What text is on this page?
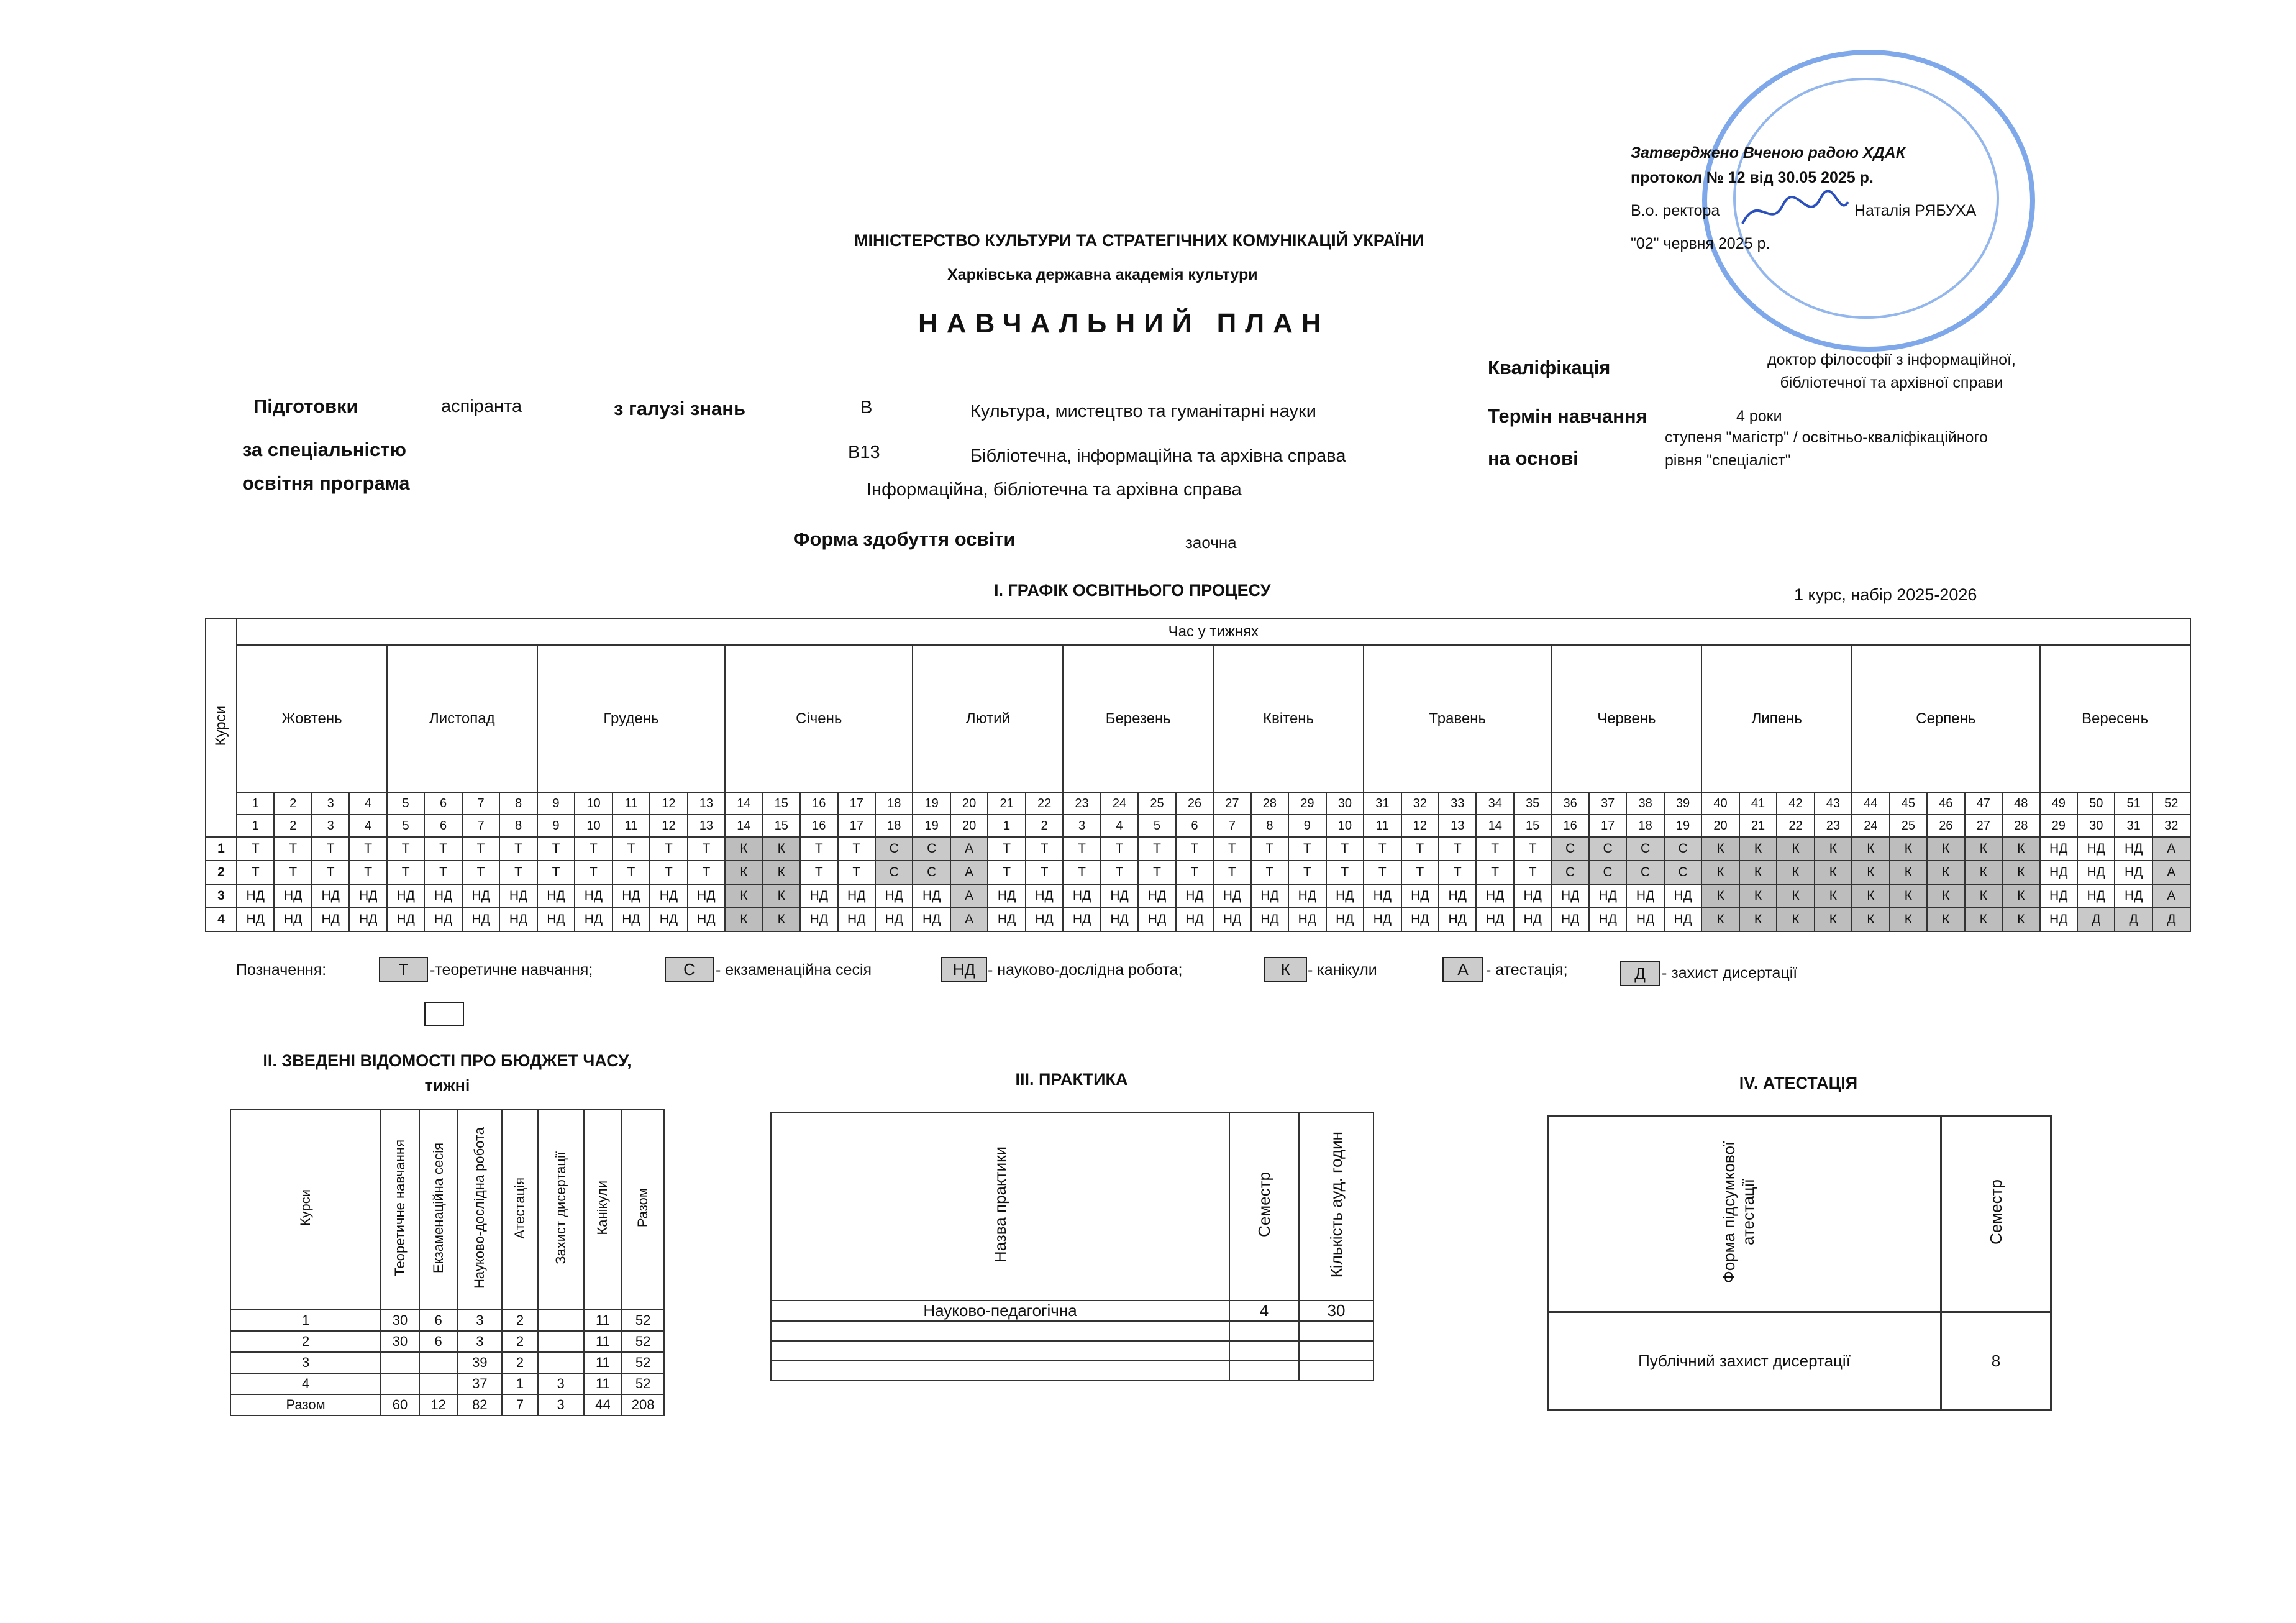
Затверджено Вченою радою ХДАК
протокол № 12 від 30.05 2025 р.
В.о. ректора	Наталія РЯБУХА
"02" червня 2025 р.
МІНІСТЕРСТВО КУЛЬТУРИ ТА СТРАТЕГІЧНИХ КОМУНІКАЦІЙ УКРАЇНИ
Харківська державна академія культури
НАВЧАЛЬНИЙ ПЛАН
Кваліфікація	доктор філософії з інформаційної,
бібліотечної та архівної справи
Підготовки	аспіранта	з галузі знань	B	Культура, мистецтво та гуманітарні науки	Термін навчання	4 роки
за спеціальністю	B13	Бібліотечна, інформаційна та архівна справа	на основі
ступеня "магістр" / освітньо-кваліфікаційного
рівня "спеціаліст"
освітня програма	Інформаційна, бібліотечна та архівна справа
Форма здобуття освіти	заочна
I. ГРАФІК ОСВІТНЬОГО ПРОЦЕСУ	1 курс, набір 2025-2026
Курси	Час у тижнях																																																			
	Жовтень				Листопад				Грудень					Січень					Лютий				Березень				Квітень				Травень					Червень				Липень				Серпень					Вересень			
	1	2	3	4	5	6	7	8	9	10	11	12	13	14	15	16	17	18	19	20	21	22	23	24	25	26	27	28	29	30	31	32	33	34	35	36	37	38	39	40	41	42	43	44	45	46	47	48	49	50	51	52
	1	2	3	4	5	6	7	8	9	10	11	12	13	14	15	16	17	18	19	20	1	2	3	4	5	6	7	8	9	10	11	12	13	14	15	16	17	18	19	20	21	22	23	24	25	26	27	28	29	30	31	32
1	Т	Т	Т	Т	Т	Т	Т	Т	Т	Т	Т	Т	Т	К	К	Т	Т	С	С	А	Т	Т	Т	Т	Т	Т	Т	Т	Т	Т	Т	Т	Т	Т	Т	С	С	С	С	К	К	К	К	К	К	К	К	К	НД	НД	НД	А
2	Т	Т	Т	Т	Т	Т	Т	Т	Т	Т	Т	Т	Т	К	К	Т	Т	С	С	А	Т	Т	Т	Т	Т	Т	Т	Т	Т	Т	Т	Т	Т	Т	Т	С	С	С	С	К	К	К	К	К	К	К	К	К	НД	НД	НД	А
3	НД	НД	НД	НД	НД	НД	НД	НД	НД	НД	НД	НД	НД	К	К	НД	НД	НД	НД	А	НД	НД	НД	НД	НД	НД	НД	НД	НД	НД	НД	НД	НД	НД	НД	НД	НД	НД	НД	К	К	К	К	К	К	К	К	К	НД	НД	НД	А
4	НД	НД	НД	НД	НД	НД	НД	НД	НД	НД	НД	НД	НД	К	К	НД	НД	НД	НД	А	НД	НД	НД	НД	НД	НД	НД	НД	НД	НД	НД	НД	НД	НД	НД	НД	НД	НД	НД	К	К	К	К	К	К	К	К	К	НД	Д	Д	Д
Позначення:	Т	-теоретичне навчання;	С	- екзаменаційна сесія	НД - науково-дослідна робота;	К	- канікули	А	- атестація;	Д	- захист дисертації
II. ЗВЕДЕНІ ВІДОМОСТІ ПРО БЮДЖЕТ ЧАСУ,
тижні
Курси	Теоретичне навчання	Екзаменаційна сесія	Науково-дослідна робота	Атестація	Захист дисертації	Канікули	Разом
1	30	6	3	2		11	52
2	30	6	3	2		11	52
3			39	2		11	52
4			37	1	3	11	52
Разом	60	12	82	7	3	44	208
III. ПРАКТИКА
Назва практики	Семестр	Кількість ауд. годин
Науково-педагогічна	4	30

IV. АТЕСТАЦІЯ
Форма підсумкової атестації	Семестр
Публічний захист дисертації	8
